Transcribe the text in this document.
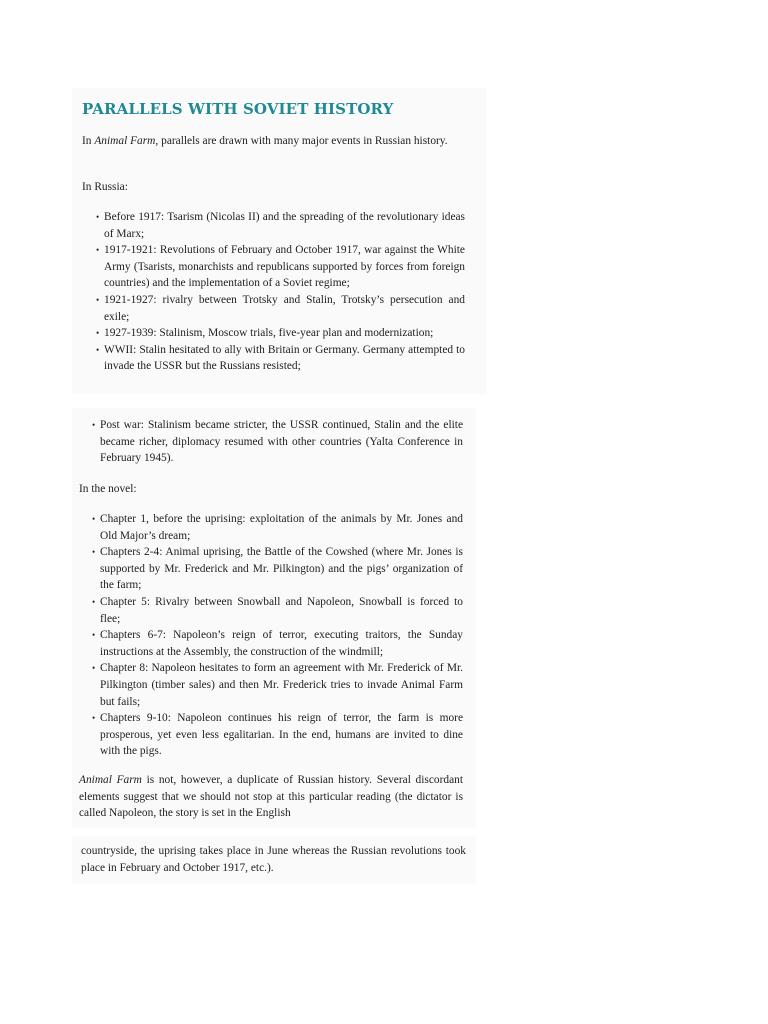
PARALLELS WITH SOVIET HISTORY

In Animal Farm, parallels are drawn with many major events in Russian history.

In Russia:

• Before 1917: Tsarism (Nicolas II) and the spreading of the revolutionary ideas of Marx;
• 1917-1921: Revolutions of February and October 1917, war against the White Army (Tsarists, monarchists and republicans supported by forces from foreign countries) and the implementation of a Soviet regime;
• 1921-1927: rivalry between Trotsky and Stalin, Trotsky’s persecution and exile;
• 1927-1939: Stalinism, Moscow trials, five-year plan and modernization;
• WWII: Stalin hesitated to ally with Britain or Germany. Germany attempted to invade the USSR but the Russians resisted;
• Post war: Stalinism became stricter, the USSR continued, Stalin and the elite became richer, diplomacy resumed with other countries (Yalta Conference in February 1945).

In the novel:

• Chapter 1, before the uprising: exploitation of the animals by Mr. Jones and Old Major’s dream;
• Chapters 2-4: Animal uprising, the Battle of the Cowshed (where Mr. Jones is supported by Mr. Frederick and Mr. Pilkington) and the pigs’ organization of the farm;
• Chapter 5: Rivalry between Snowball and Napoleon, Snowball is forced to flee;
• Chapters 6-7: Napoleon’s reign of terror, executing traitors, the Sunday instructions at the Assembly, the construction of the windmill;
• Chapter 8: Napoleon hesitates to form an agreement with Mr. Frederick of Mr. Pilkington (timber sales) and then Mr. Frederick tries to invade Animal Farm but fails;
• Chapters 9-10: Napoleon continues his reign of terror, the farm is more prosperous, yet even less egalitarian. In the end, humans are invited to dine with the pigs.

Animal Farm is not, however, a duplicate of Russian history. Several discordant elements suggest that we should not stop at this particular reading (the dictator is called Napoleon, the story is set in the English

countryside, the uprising takes place in June whereas the Russian revolutions took place in February and October 1917, etc.).
